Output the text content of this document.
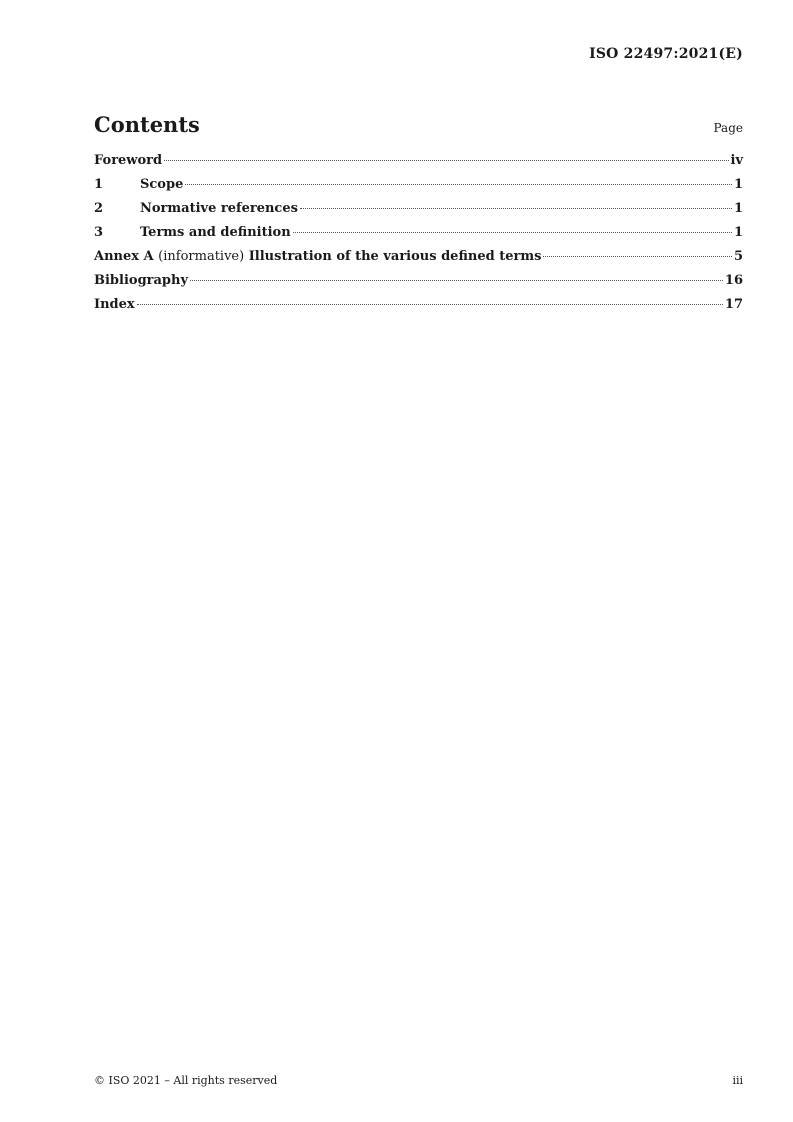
ISO 22497:2021(E)
Contents	Page
Foreword	iv
1	Scope	1
2	Normative references	1
3	Terms and definition	1
Annex A (informative) Illustration of the various defined terms	5
Bibliography	16
Index	17
© ISO 2021 – All rights reserved	iii
